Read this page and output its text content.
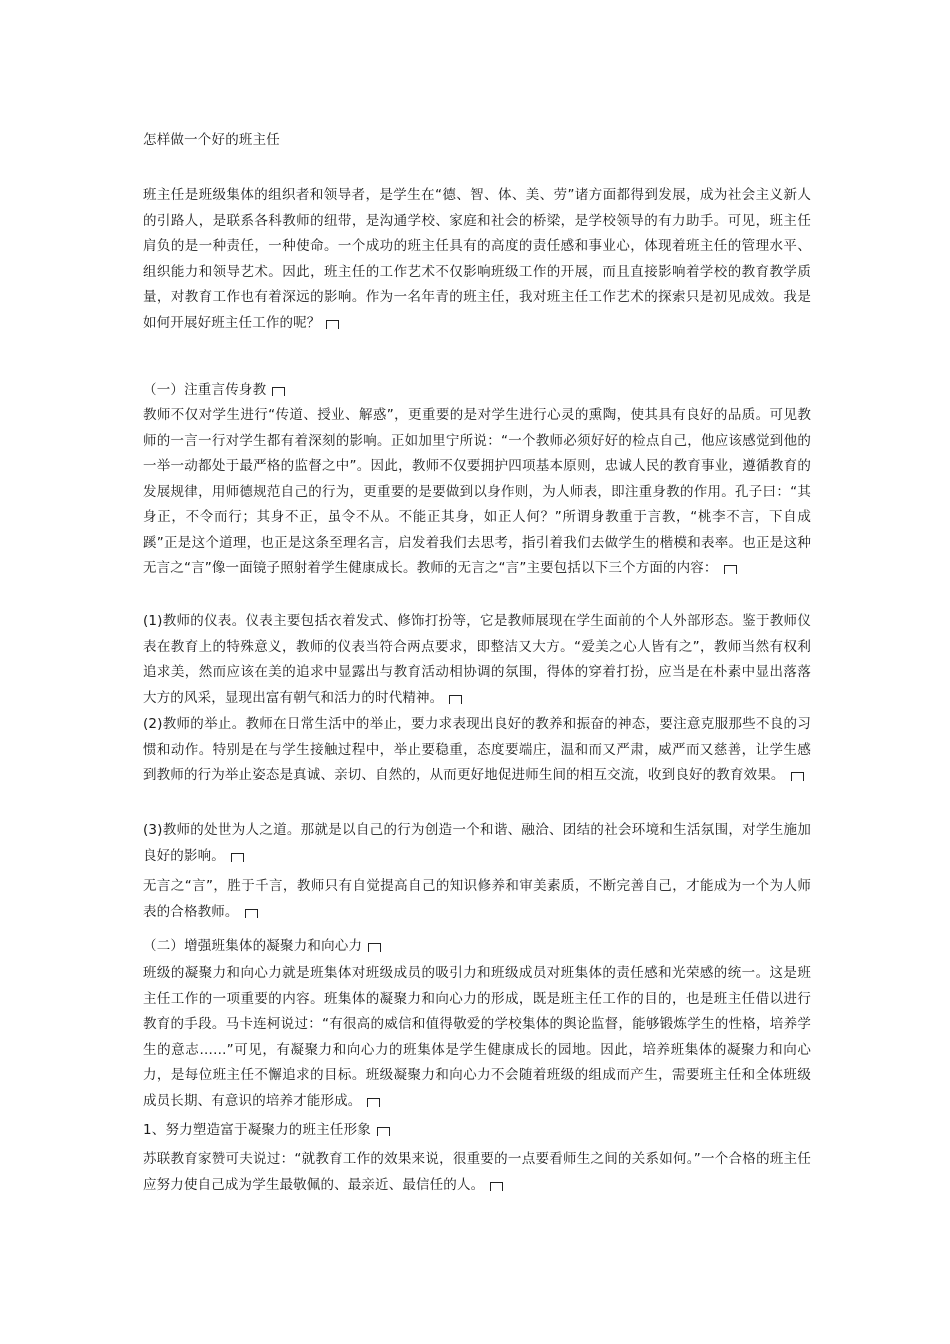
怎样做一个好的班主任

班主任是班级集体的组织者和领导者，是学生在“德、智、体、美、劳”诸方面都得到发展，成为社会主义新人的引路人，是联系各科教师的纽带，是沟通学校、家庭和社会的桥梁，是学校领导的有力助手。可见，班主任肩负的是一种责任，一种使命。一个成功的班主任具有的高度的责任感和事业心，体现着班主任的管理水平、组织能力和领导艺术。因此，班主任的工作艺术不仅影响班级工作的开展，而且直接影响着学校的教育教学质量，对教育工作也有着深远的影响。作为一名年青的班主任，我对班主任工作艺术的探索只是初见成效。我是如何开展好班主任工作的呢？

（一）注重言传身教

教师不仅对学生进行“传道、授业、解惑”，更重要的是对学生进行心灵的熏陶，使其具有良好的品质。可见教师的一言一行对学生都有着深刻的影响。正如加里宁所说：“一个教师必须好好的检点自己，他应该感觉到他的一举一动都处于最严格的监督之中”。因此，教师不仅要拥护四项基本原则，忠诚人民的教育事业，遵循教育的发展规律，用师德规范自己的行为，更重要的是要做到以身作则，为人师表，即注重身教的作用。孔子曰：“其身正，不令而行；其身不正，虽令不从。不能正其身，如正人何？”所谓身教重于言教，“桃李不言，下自成蹊”正是这个道理，也正是这条至理名言，启发着我们去思考，指引着我们去做学生的楷模和表率。也正是这种无言之“言”像一面镜子照射着学生健康成长。教师的无言之“言”主要包括以下三个方面的内容：

(1)教师的仪表。仪表主要包括衣着发式、修饰打扮等，它是教师展现在学生面前的个人外部形态。鉴于教师仪表在教育上的特殊意义，教师的仪表当符合两点要求，即整洁又大方。“爱美之心人皆有之”，教师当然有权利追求美，然而应该在美的追求中显露出与教育活动相协调的氛围，得体的穿着打扮，应当是在朴素中显出落落大方的风采，显现出富有朝气和活力的时代精神。

(2)教师的举止。教师在日常生活中的举止，要力求表现出良好的教养和振奋的神态，要注意克服那些不良的习惯和动作。特别是在与学生接触过程中，举止要稳重，态度要端庄，温和而又严肃，威严而又慈善，让学生感到教师的行为举止姿态是真诚、亲切、自然的，从而更好地促进师生间的相互交流，收到良好的教育效果。

(3)教师的处世为人之道。那就是以自己的行为创造一个和谐、融洽、团结的社会环境和生活氛围，对学生施加良好的影响。

无言之“言”，胜于千言，教师只有自觉提高自己的知识修养和审美素质，不断完善自己，才能成为一个为人师表的合格教师。

（二）增强班集体的凝聚力和向心力

班级的凝聚力和向心力就是班集体对班级成员的吸引力和班级成员对班集体的责任感和光荣感的统一。这是班主任工作的一项重要的内容。班集体的凝聚力和向心力的形成，既是班主任工作的目的，也是班主任借以进行教育的手段。马卡连柯说过：“有很高的威信和值得敬爱的学校集体的舆论监督，能够锻炼学生的性格，培养学生的意志……”可见，有凝聚力和向心力的班集体是学生健康成长的园地。因此，培养班集体的凝聚力和向心力，是每位班主任不懈追求的目标。班级凝聚力和向心力不会随着班级的组成而产生，需要班主任和全体班级成员长期、有意识的培养才能形成。

1、努力塑造富于凝聚力的班主任形象

苏联教育家赞可夫说过：“就教育工作的效果来说，很重要的一点要看师生之间的关系如何。”一个合格的班主任应努力使自己成为学生最敬佩的、最亲近、最信任的人。
